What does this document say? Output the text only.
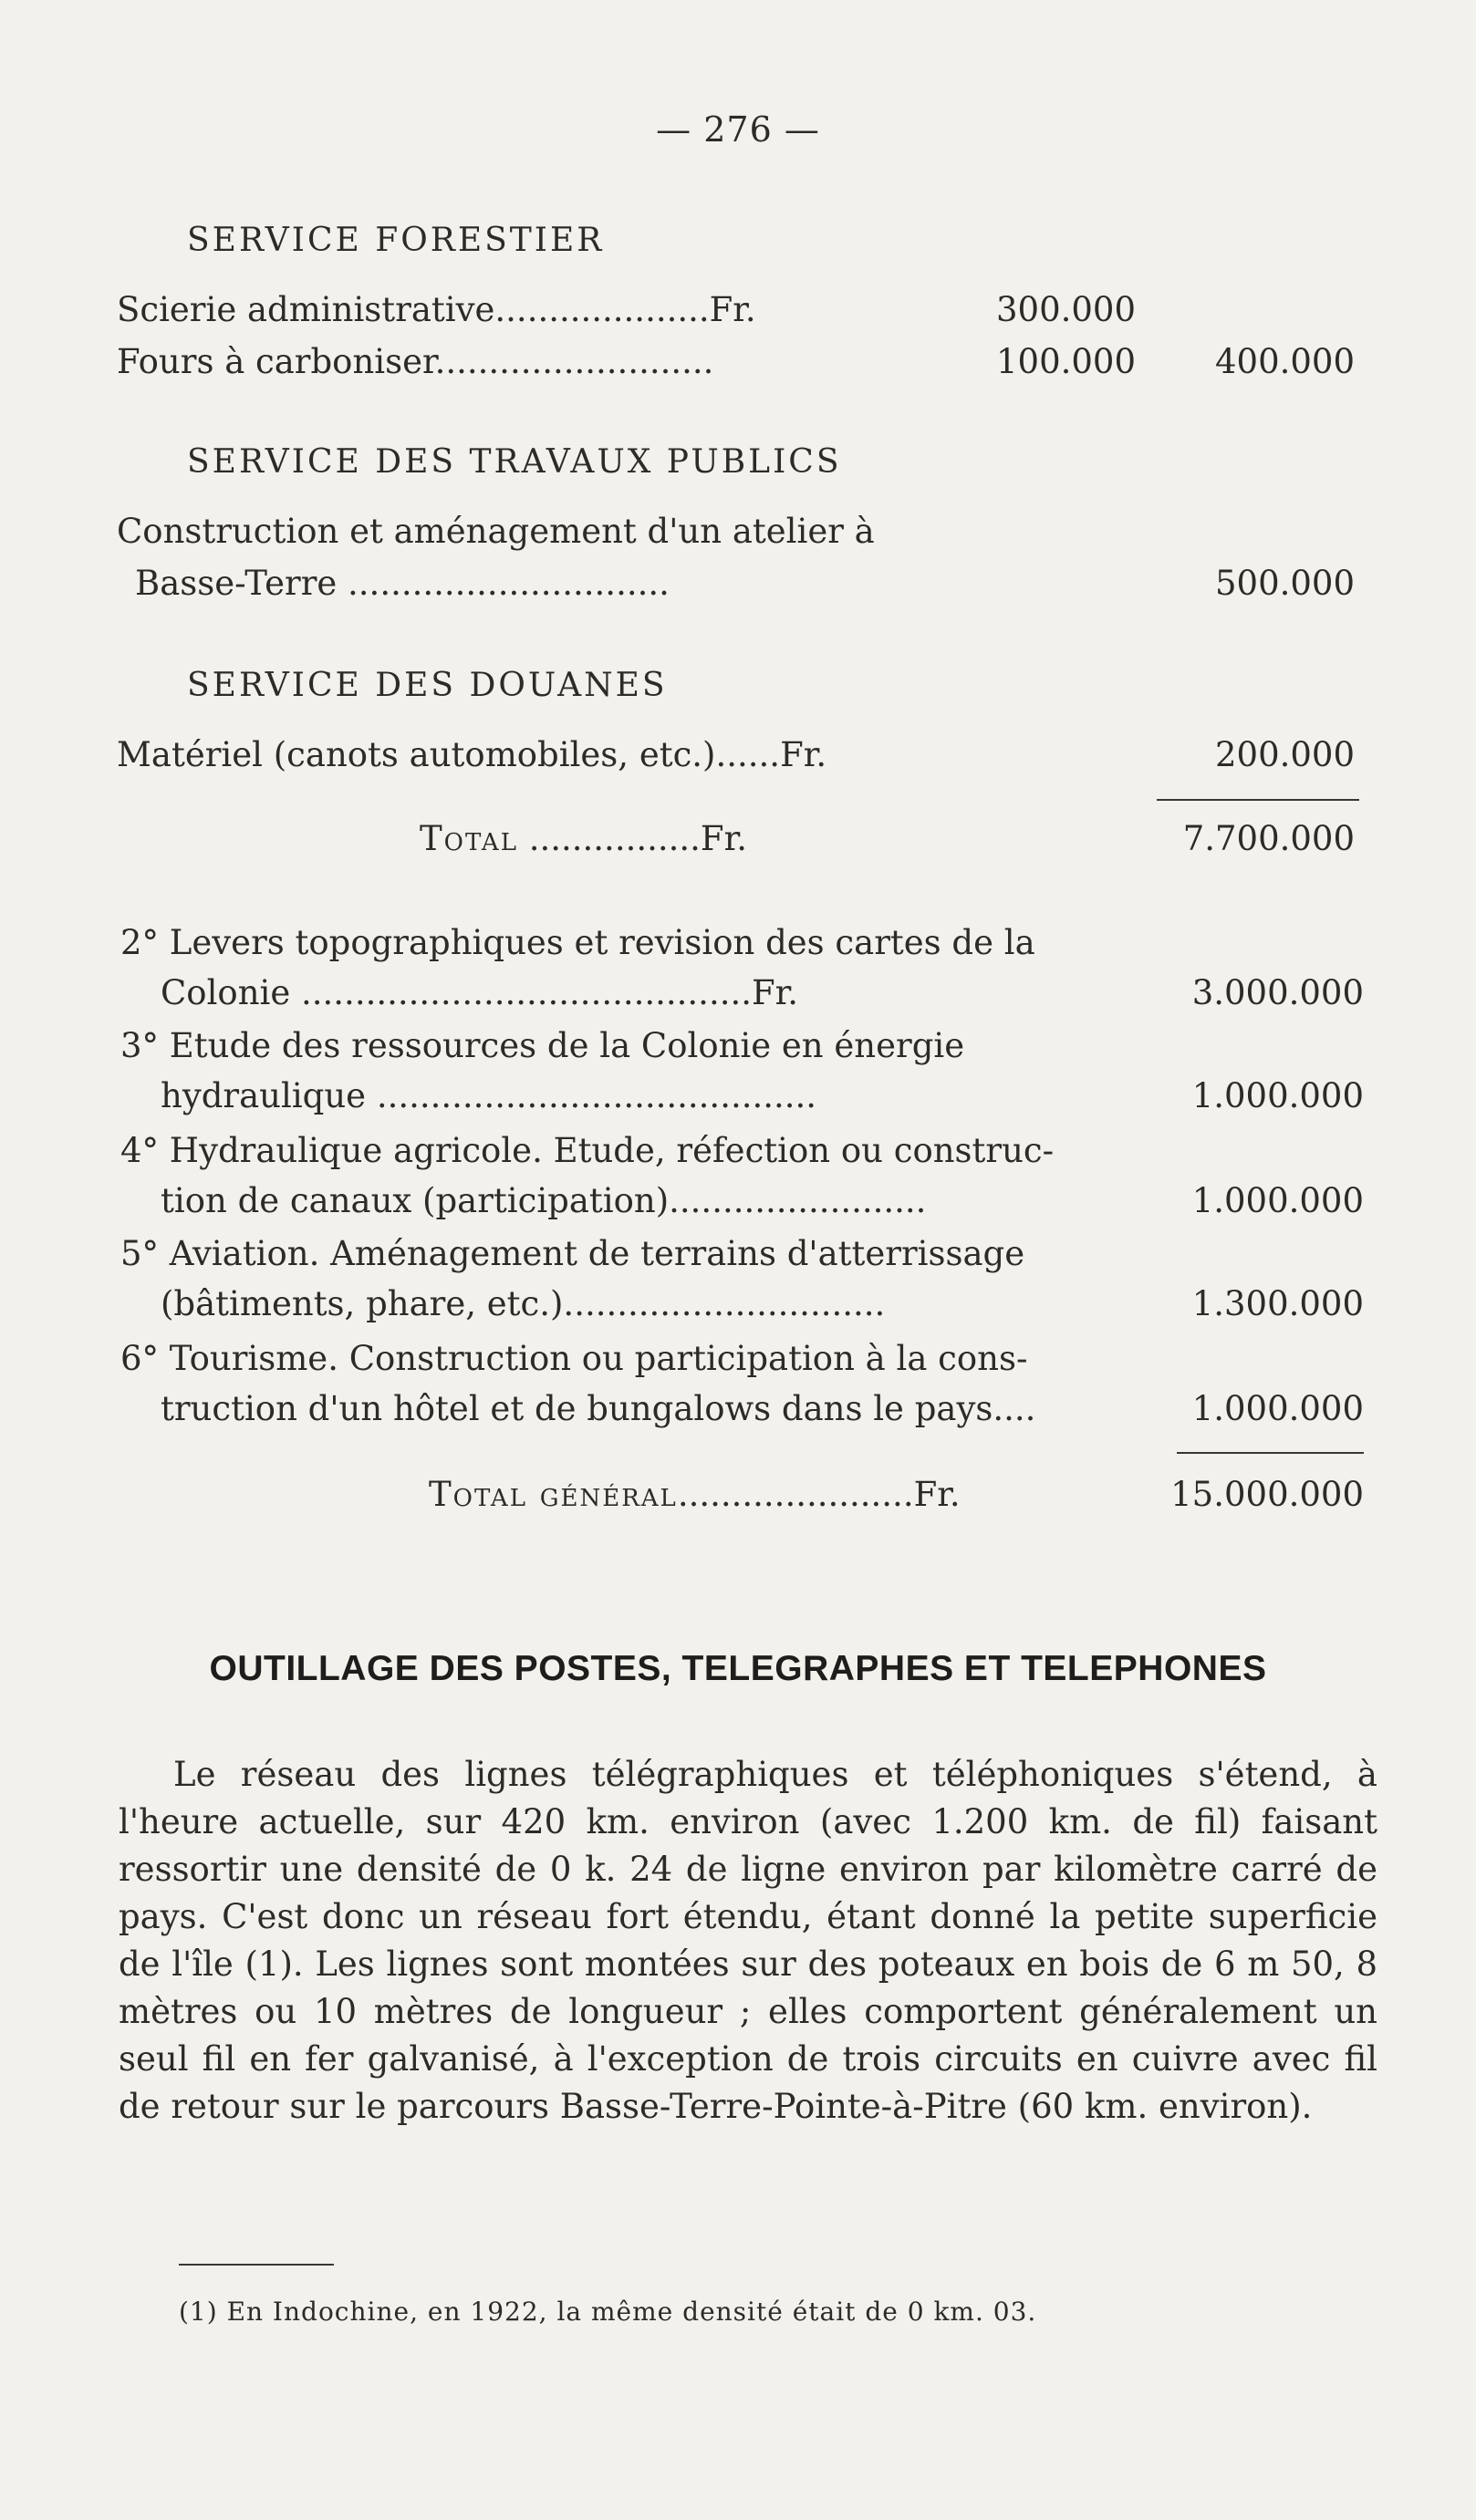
— 276 —
SERVICE FORESTIER
Scierie administrative....................Fr.	300.000
Fours à carboniser..........................	100.000	400.000
SERVICE DES TRAVAUX PUBLICS
Construction et aménagement d'un atelier à
Basse-Terre ..............................	500.000
SERVICE DES DOUANES
Matériel (canots automobiles, etc.)......Fr.	200.000
Total ................Fr.	7.700.000
2° Levers topographiques et revision des cartes de la
Colonie ..........................................Fr.	3.000.000
3° Etude des ressources de la Colonie en énergie
hydraulique .........................................	1.000.000
4° Hydraulique agricole. Etude, réfection ou construc-
tion de canaux (participation)........................	1.000.000
5° Aviation. Aménagement de terrains d'atterrissage
(bâtiments, phare, etc.)..............................	1.300.000
6° Tourisme. Construction ou participation à la cons-
truction d'un hôtel et de bungalows dans le pays....	1.000.000
Total général......................Fr.	15.000.000
OUTILLAGE DES POSTES, TELEGRAPHES ET TELEPHONES
Le réseau des lignes télégraphiques et téléphoniques s'étend, à l'heure actuelle, sur 420 km. environ (avec 1.200 km. de fil) faisant ressortir une densité de 0 k. 24 de ligne environ par kilomètre carré de pays. C'est donc un réseau fort étendu, étant donné la petite superficie de l'île (1). Les lignes sont montées sur des poteaux en bois de 6 m 50, 8 mètres ou 10 mètres de longueur ; elles comportent généralement un seul fil en fer galvanisé, à l'exception de trois circuits en cuivre avec fil de retour sur le parcours Basse-Terre-Pointe-à-Pitre (60 km. environ).
(1) En Indochine, en 1922, la même densité était de 0 km. 03.
